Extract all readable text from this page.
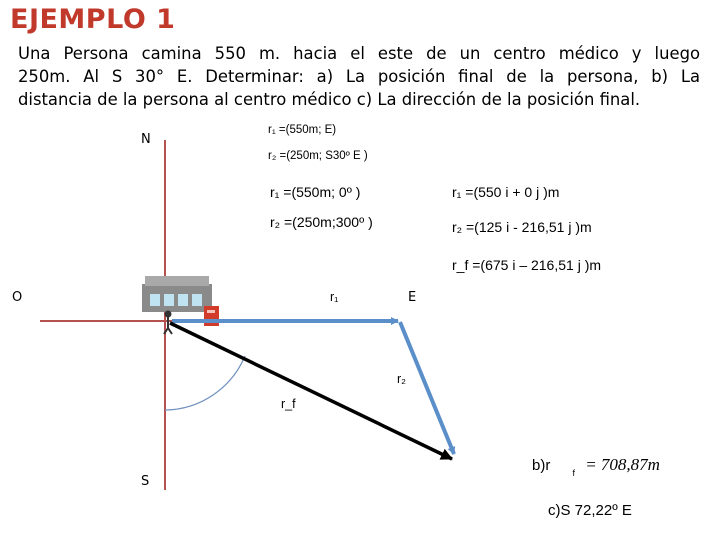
EJEMPLO 1
Una Persona camina 550 m. hacia el este de un centro médico y luego
250m. Al S 30° E. Determinar: a) La posición final de la persona, b) La
distancia de la persona al centro médico c) La dirección de la posición final.
N
S
E
O
r₁ =(550m; E)
r₂ =(250m; S30º E )
r₁ =(550m; 0º )
r₂ =(250m;300º )
r₁ =(550 i + 0 j )m
r₂ =(125 i - 216,51 j )m
r_f =(675 i – 216,51 j )m
r₁
r₂
r_f
b)r $_f$ = 708,87m
c)S 72,22º E
